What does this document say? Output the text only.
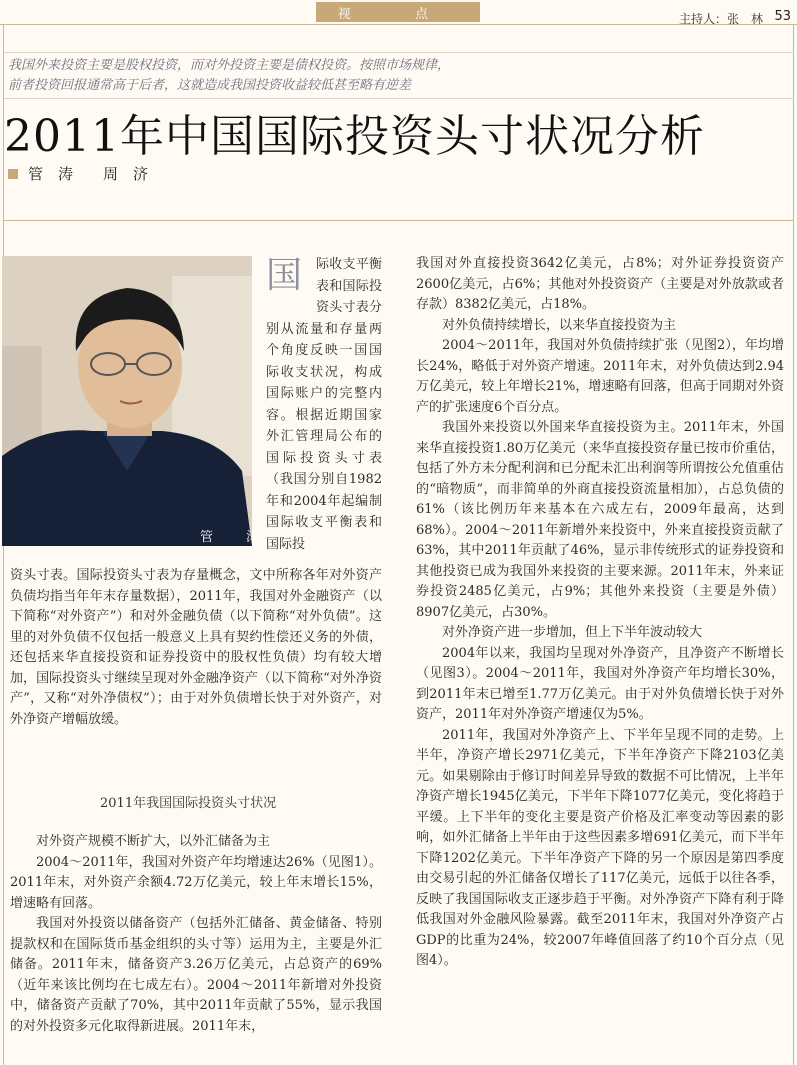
视 点	主持人：张　林 53
我国外来投资主要是股权投资，而对外投资主要是债权投资。按照市场规律，
前者投资回报通常高于后者，这就造成我国投资收益较低甚至略有逆差
2011年中国国际投资头寸状况分析
管　涛　　周　济
管　涛
国	际收支平衡表和国际投资头寸表分别从流量和存量两个角度反映一国国际收支状况，构成国际账户的完整内容。根据近期国家外汇管理局公布的国际投资头寸表（我国分别自1982年和2004年起编制国际收支平衡表和国际投

资头寸表。国际投资头寸表为存量概念，文中所称各年对外资产负债均指当年年末存量数据），2011年，我国对外金融资产（以下简称“对外资产”）和对外金融负债（以下简称“对外负债”。这里的对外负债不仅包括一般意义上具有契约性偿还义务的外债，还包括来华直接投资和证券投资中的股权性负债）均有较大增加，国际投资头寸继续呈现对外金融净资产（以下简称“对外净资产”，又称“对外净债权”）；由于对外负债增长快于对外资产，对外净资产增幅放缓。

2011年我国国际投资头寸状况

对外资产规模不断扩大，以外汇储备为主

2004～2011年，我国对外资产年均增速达26%（见图1）。2011年末，对外资产余额4.72万亿美元，较上年末增长15%，增速略有回落。

我国对外投资以储备资产（包括外汇储备、黄金储备、特别提款权和在国际货币基金组织的头寸等）运用为主，主要是外汇储备。2011年末，储备资产3.26万亿美元，占总资产的69%（近年来该比例均在七成左右）。2004～2011年新增对外投资中，储备资产贡献了70%，其中2011年贡献了55%，显示我国的对外投资多元化取得新进展。2011年末，

我国对外直接投资3642亿美元，占8%；对外证券投资资产2600亿美元，占6%；其他对外投资资产（主要是对外放款或者存款）8382亿美元，占18%。

对外负债持续增长，以来华直接投资为主

2004～2011年，我国对外负债持续扩张（见图2），年均增长24%，略低于对外资产增速。2011年末，对外负债达到2.94万亿美元，较上年增长21%，增速略有回落，但高于同期对外资产的扩张速度6个百分点。

我国外来投资以外国来华直接投资为主。2011年末，外国来华直接投资1.80万亿美元（来华直接投资存量已按市价重估，包括了外方未分配利润和已分配未汇出利润等所谓按公允值重估的“暗物质”，而非简单的外商直接投资流量相加），占总负债的61%（该比例历年来基本在六成左右，2009年最高，达到68%）。2004～2011年新增外来投资中，外来直接投资贡献了63%，其中2011年贡献了46%，显示非传统形式的证券投资和其他投资已成为我国外来投资的主要来源。2011年末，外来证券投资2485亿美元，占9%；其他外来投资（主要是外债）8907亿美元，占30%。

对外净资产进一步增加，但上下半年波动较大

2004年以来，我国均呈现对外净资产，且净资产不断增长（见图3）。2004～2011年，我国对外净资产年均增长30%，到2011年末已增至1.77万亿美元。由于对外负债增长快于对外资产，2011年对外净资产增速仅为5%。

2011年，我国对外净资产上、下半年呈现不同的走势。上半年，净资产增长2971亿美元，下半年净资产下降2103亿美元。如果剔除由于修订时间差异导致的数据不可比情况，上半年净资产增长1945亿美元，下半年下降1077亿美元，变化将趋于平缓。上下半年的变化主要是资产价格及汇率变动等因素的影响，如外汇储备上半年由于这些因素多增691亿美元，而下半年下降1202亿美元。下半年净资产下降的另一个原因是第四季度由交易引起的外汇储备仅增长了117亿美元，远低于以往各季，反映了我国国际收支正逐步趋于平衡。对外净资产下降有利于降低我国对外金融风险暴露。截至2011年末，我国对外净资产占GDP的比重为24%，较2007年峰值回落了约10个百分点（见图4）。
